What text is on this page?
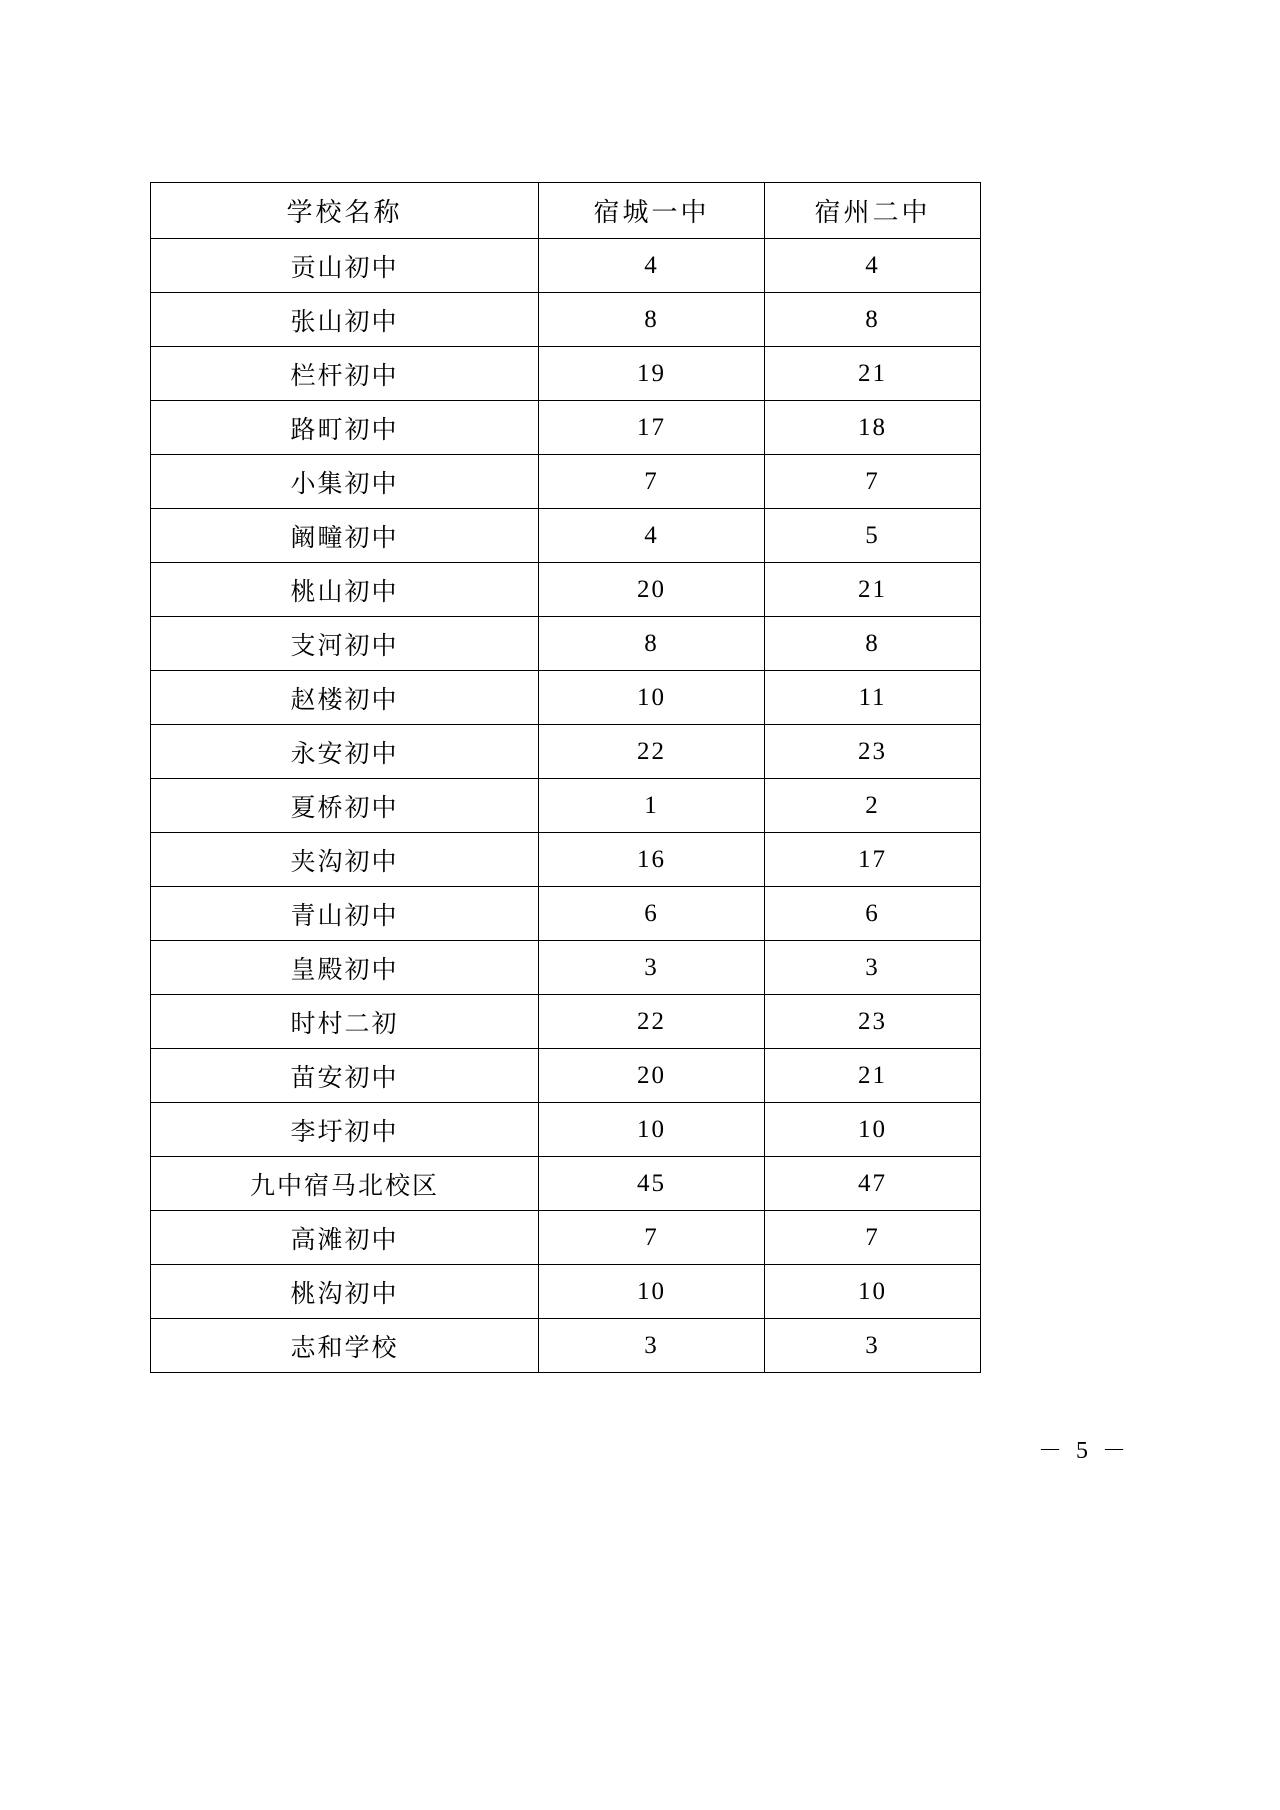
学校名称	宿城一中	宿州二中
贡山初中	4	4
张山初中	8	8
栏杆初中	19	21
路町初中	17	18
小集初中	7	7
阚疃初中	4	5
桃山初中	20	21
支河初中	8	8
赵楼初中	10	11
永安初中	22	23
夏桥初中	1	2
夹沟初中	16	17
青山初中	6	6
皇殿初中	3	3
时村二初	22	23
苗安初中	20	21
李圩初中	10	10
九中宿马北校区	45	47
高滩初中	7	7
桃沟初中	10	10
志和学校	3	3
－ 5 －
